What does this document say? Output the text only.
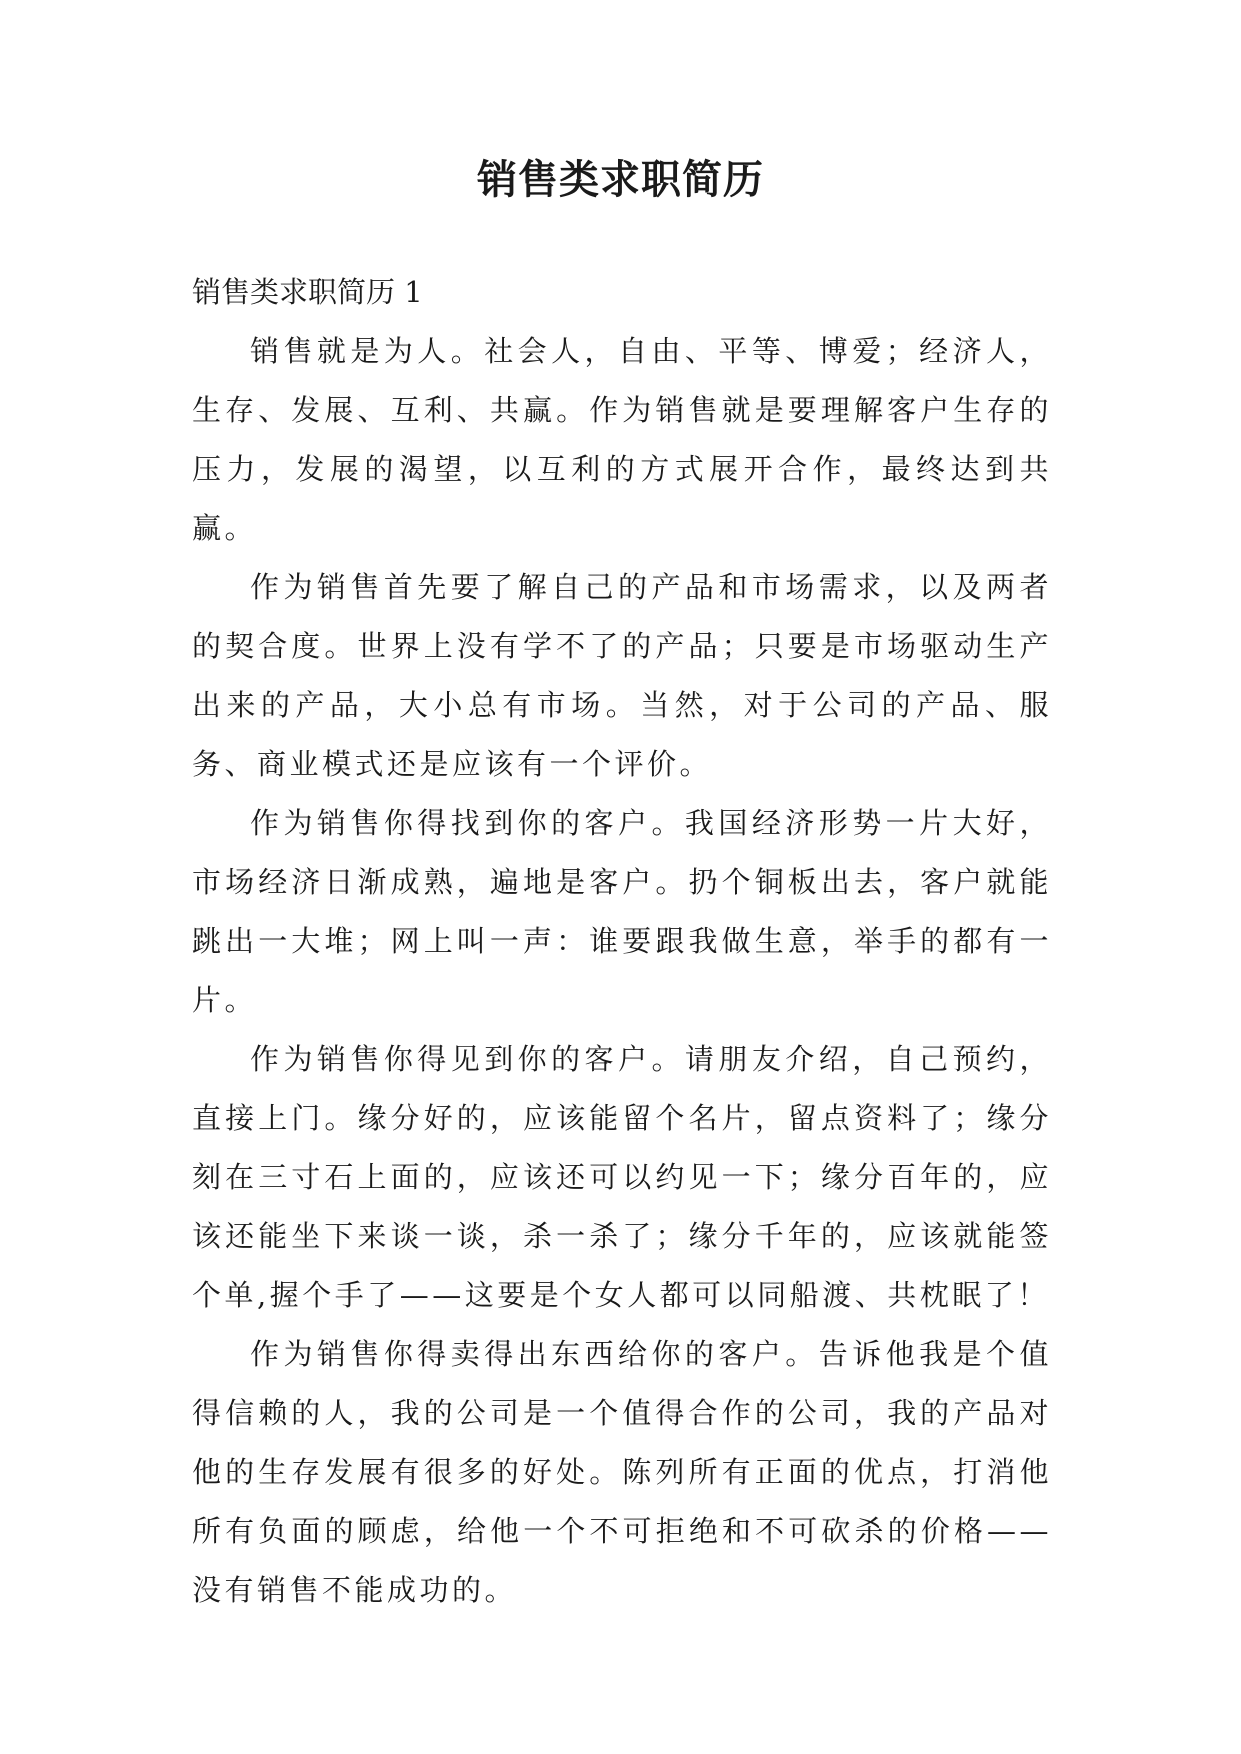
销售类求职简历

销售类求职简历 1

销售就是为人。社会人，自由、平等、博爱；经济人，生存、发展、互利、共赢。作为销售就是要理解客户生存的压力，发展的渴望，以互利的方式展开合作，最终达到共赢。

作为销售首先要了解自己的产品和市场需求，以及两者的契合度。世界上没有学不了的产品；只要是市场驱动生产出来的产品，大小总有市场。当然，对于公司的产品、服务、商业模式还是应该有一个评价。

作为销售你得找到你的客户。我国经济形势一片大好，市场经济日渐成熟，遍地是客户。扔个铜板出去，客户就能跳出一大堆；网上叫一声：谁要跟我做生意，举手的都有一片。

作为销售你得见到你的客户。请朋友介绍，自己预约，直接上门。缘分好的，应该能留个名片，留点资料了；缘分刻在三寸石上面的，应该还可以约见一下；缘分百年的，应该还能坐下来谈一谈，杀一杀了；缘分千年的，应该就能签个单,握个手了——这要是个女人都可以同船渡、共枕眠了！

作为销售你得卖得出东西给你的客户。告诉他我是个值得信赖的人，我的公司是一个值得合作的公司，我的产品对他的生存发展有很多的好处。陈列所有正面的优点，打消他所有负面的顾虑，给他一个不可拒绝和不可砍杀的价格——没有销售不能成功的。
